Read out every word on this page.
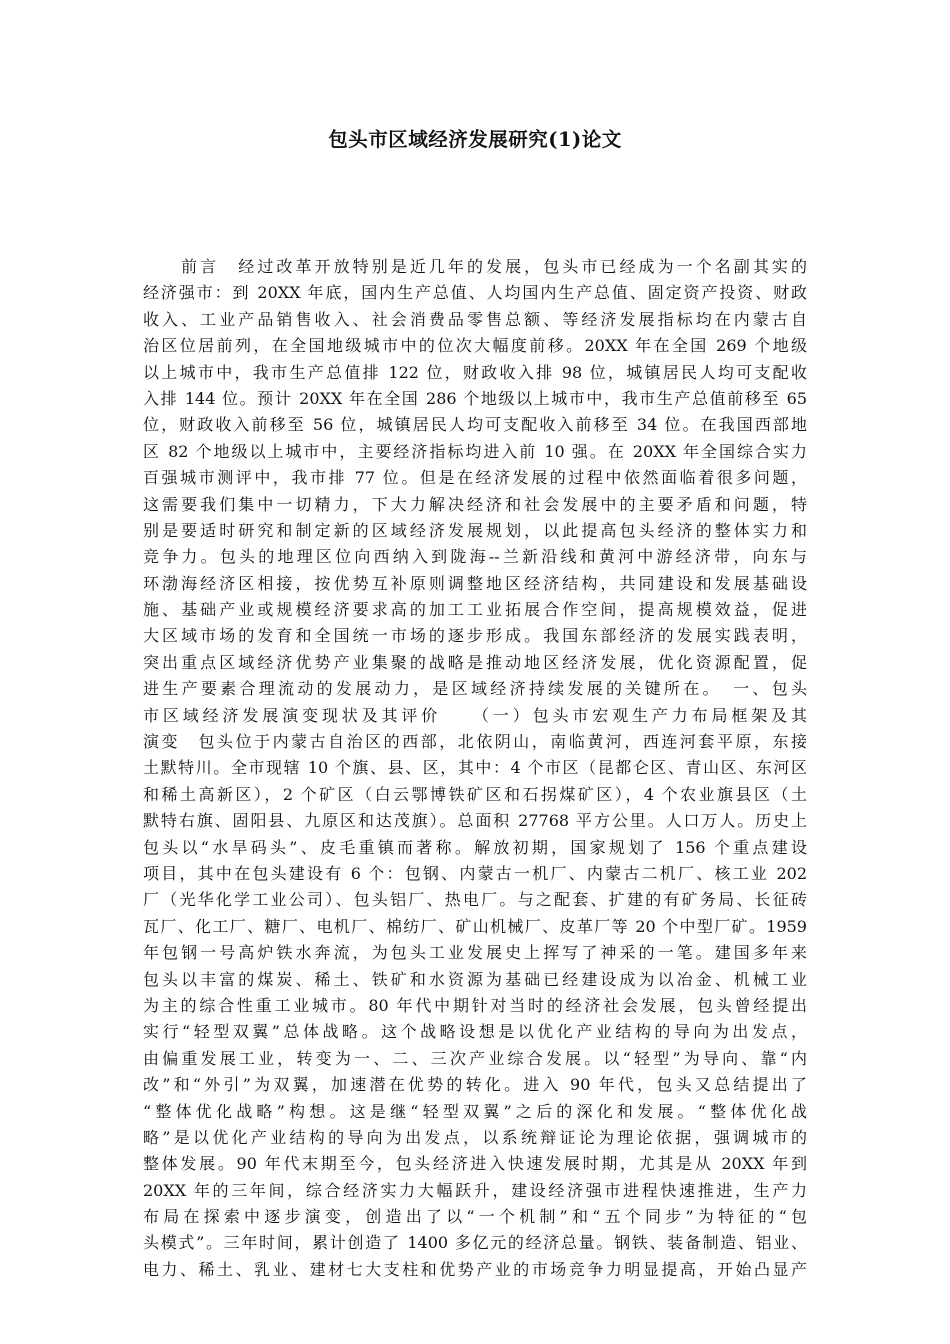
包头市区域经济发展研究(1)论文
　　前言　经过改革开放特别是近几年的发展，包头市已经成为一个名副其实的
经济强市：到 20XX 年底，国内生产总值、人均国内生产总值、固定资产投资、财政
收入、工业产品销售收入、社会消费品零售总额、等经济发展指标均在内蒙古自
治区位居前列，在全国地级城市中的位次大幅度前移。20XX 年在全国 269 个地级
以上城市中，我市生产总值排 122 位，财政收入排 98 位，城镇居民人均可支配收
入排 144 位。预计 20XX 年在全国 286 个地级以上城市中，我市生产总值前移至 65
位，财政收入前移至 56 位，城镇居民人均可支配收入前移至 34 位。在我国西部地
区 82 个地级以上城市中，主要经济指标均进入前 10 强。在 20XX 年全国综合实力
百强城市测评中，我市排 77 位。但是在经济发展的过程中依然面临着很多问题，
这需要我们集中一切精力，下大力解决经济和社会发展中的主要矛盾和问题，特
别是要适时研究和制定新的区域经济发展规划，以此提高包头经济的整体实力和
竞争力。包头的地理区位向西纳入到陇海--兰新沿线和黄河中游经济带，向东与
环渤海经济区相接，按优势互补原则调整地区经济结构，共同建设和发展基础设
施、基础产业或规模经济要求高的加工工业拓展合作空间，提高规模效益，促进
大区域市场的发育和全国统一市场的逐步形成。我国东部经济的发展实践表明，
突出重点区域经济优势产业集聚的战略是推动地区经济发展，优化资源配置，促
进生产要素合理流动的发展动力，是区域经济持续发展的关键所在。　一、包头
市区域经济发展演变现状及其评价　　（一）包头市宏观生产力布局框架及其
演变　包头位于内蒙古自治区的西部，北依阴山，南临黄河，西连河套平原，东接
土默特川。全市现辖 10 个旗、县、区，其中：4 个市区（昆都仑区、青山区、东河区
和稀土高新区），2 个矿区（白云鄂博铁矿区和石拐煤矿区），4 个农业旗县区（土
默特右旗、固阳县、九原区和达茂旗）。总面积 27768 平方公里。人口万人。历史上
包头以“水旱码头”、皮毛重镇而著称。解放初期，国家规划了 156 个重点建设
项目，其中在包头建设有 6 个：包钢、内蒙古一机厂、内蒙古二机厂、核工业 202
厂（光华化学工业公司）、包头铝厂、热电厂。与之配套、扩建的有矿务局、长征砖
瓦厂、化工厂、糖厂、电机厂、棉纺厂、矿山机械厂、皮革厂等 20 个中型厂矿。1959
年包钢一号高炉铁水奔流，为包头工业发展史上挥写了神采的一笔。建国多年来
包头以丰富的煤炭、稀土、铁矿和水资源为基础已经建设成为以冶金、机械工业
为主的综合性重工业城市。80 年代中期针对当时的经济社会发展，包头曾经提出
实行“轻型双翼”总体战略。这个战略设想是以优化产业结构的导向为出发点，
由偏重发展工业，转变为一、二、三次产业综合发展。以“轻型”为导向、靠“内
改”和“外引”为双翼，加速潜在优势的转化。进入 90 年代，包头又总结提出了
“整体优化战略”构想。这是继“轻型双翼”之后的深化和发展。“整体优化战
略”是以优化产业结构的导向为出发点，以系统辩证论为理论依据，强调城市的
整体发展。90 年代末期至今，包头经济进入快速发展时期，尤其是从 20XX 年到
20XX 年的三年间，综合经济实力大幅跃升，建设经济强市进程快速推进，生产力
布局在探索中逐步演变，创造出了以“一个机制”和“五个同步”为特征的“包
头模式”。三年时间，累计创造了 1400 多亿元的经济总量。钢铁、装备制造、铝业、
电力、稀土、乳业、建材七大支柱和优势产业的市场竞争力明显提高，开始凸显产
